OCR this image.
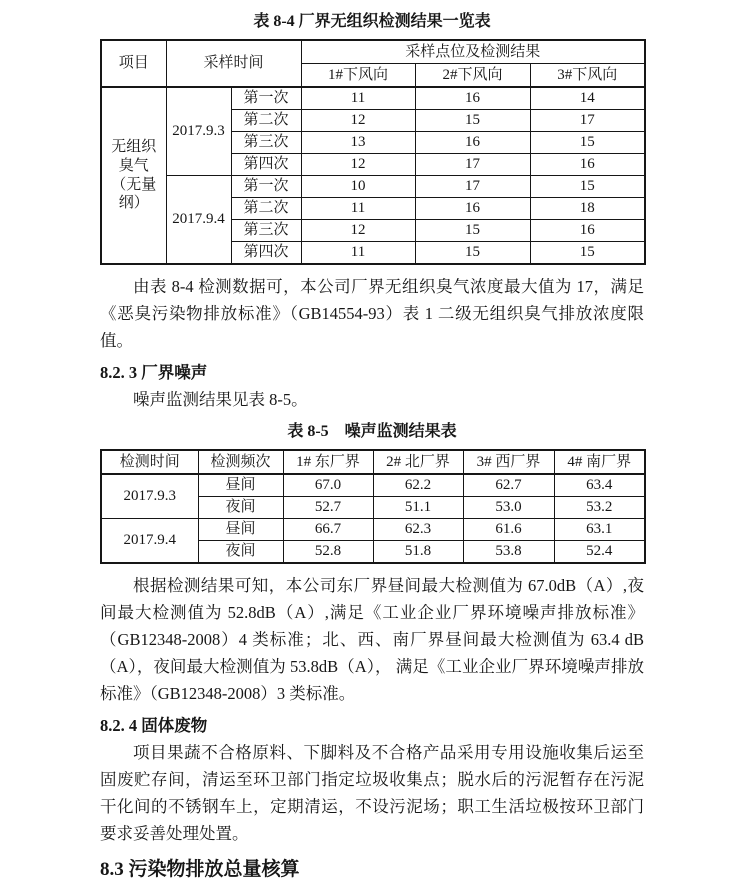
表 8-4 厂界无组织检测结果一览表

项目	采样时间		采样点位及检测结果		
			1#下风向	2#下风向	3#下风向
无组织臭气（无量纲）	2017.9.3	第一次	11	16	14
		第二次	12	15	17
		第三次	13	16	15
		第四次	12	17	16
	2017.9.4	第一次	10	17	15
		第二次	11	16	18
		第三次	12	15	16
		第四次	11	15	15

由表 8-4 检测数据可，本公司厂界无组织臭气浓度最大值为 17，满足《恶臭污染物排放标准》（GB14554-93）表 1 二级无组织臭气排放浓度限值。

8.2. 3 厂界噪声

噪声监测结果见表 8-5。

表 8-5　噪声监测结果表

检测时间	检测频次	1# 东厂界	2# 北厂界	3# 西厂界	4# 南厂界
2017.9.3	昼间	67.0	62.2	62.7	63.4
	夜间	52.7	51.1	53.0	53.2
2017.9.4	昼间	66.7	62.3	61.6	63.1
	夜间	52.8	51.8	53.8	52.4

根据检测结果可知，本公司东厂界昼间最大检测值为 67.0dB（A）,夜间最大检测值为 52.8dB（A）,满足《工业企业厂界环境噪声排放标准》（GB12348-2008）4 类标准；北、西、南厂界昼间最大检测值为 63.4 dB（A），夜间最大检测值为 53.8dB（A）， 满足《工业企业厂界环境噪声排放标准》（GB12348-2008）3 类标准。

8.2. 4 固体废物

项目果蔬不合格原料、下脚料及不合格产品采用专用设施收集后运至固废贮存间，清运至环卫部门指定垃圾收集点；脱水后的污泥暂存在污泥干化间的不锈钢车上，定期清运，不设污泥场；职工生活垃极按环卫部门要求妥善处理处置。

8.3 污染物排放总量核算
